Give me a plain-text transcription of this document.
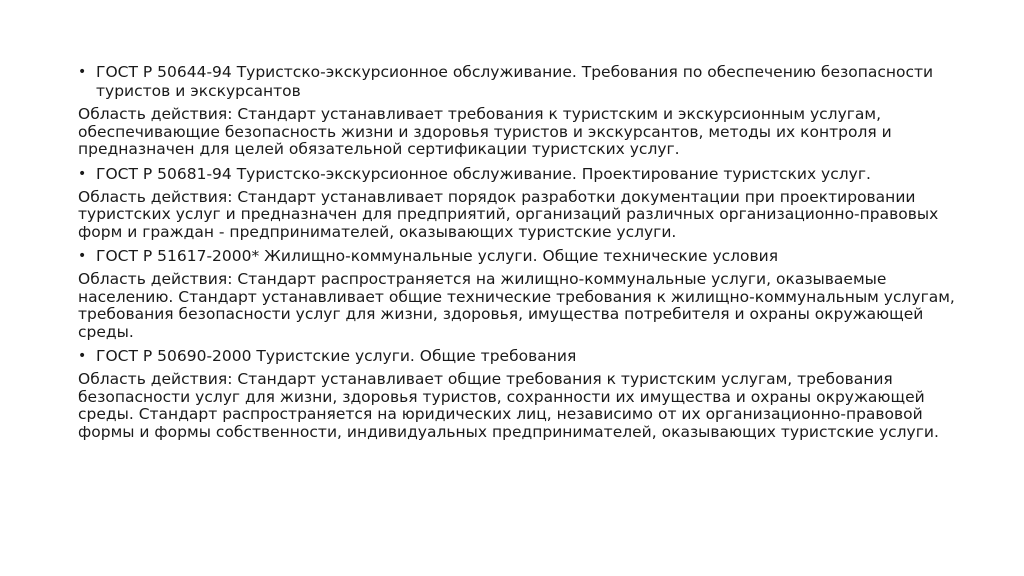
• ГОСТ Р 50644-94 Туристско-экскурсионное обслуживание. Требования по обеспечению безопасности туристов и экскурсантов

Область действия: Стандарт устанавливает требования к туристским и экскурсионным услугам, обеспечивающие безопасность жизни и здоровья туристов и экскурсантов, методы их контроля и предназначен для целей обязательной сертификации туристских услуг.

• ГОСТ Р 50681-94 Туристско-экскурсионное обслуживание. Проектирование туристских услуг.

Область действия: Стандарт устанавливает порядок разработки документации при проектировании туристских услуг и предназначен для предприятий, организаций различных организационно-правовых форм и граждан - предпринимателей, оказывающих туристские услуги.

• ГОСТ Р 51617-2000* Жилищно-коммунальные услуги. Общие технические условия

Область действия: Стандарт распространяется на жилищно-коммунальные услуги, оказываемые населению. Стандарт устанавливает общие технические требования к жилищно-коммунальным услугам, требования безопасности услуг для жизни, здоровья, имущества потребителя и охраны окружающей среды.

• ГОСТ Р 50690-2000 Туристские услуги. Общие требования

Область действия: Стандарт устанавливает общие требования к туристским услугам, требования безопасности услуг для жизни, здоровья туристов, сохранности их имущества и охраны окружающей среды. Стандарт распространяется на юридических лиц, независимо от их организационно-правовой формы и формы собственности, индивидуальных предпринимателей, оказывающих туристские услуги.
